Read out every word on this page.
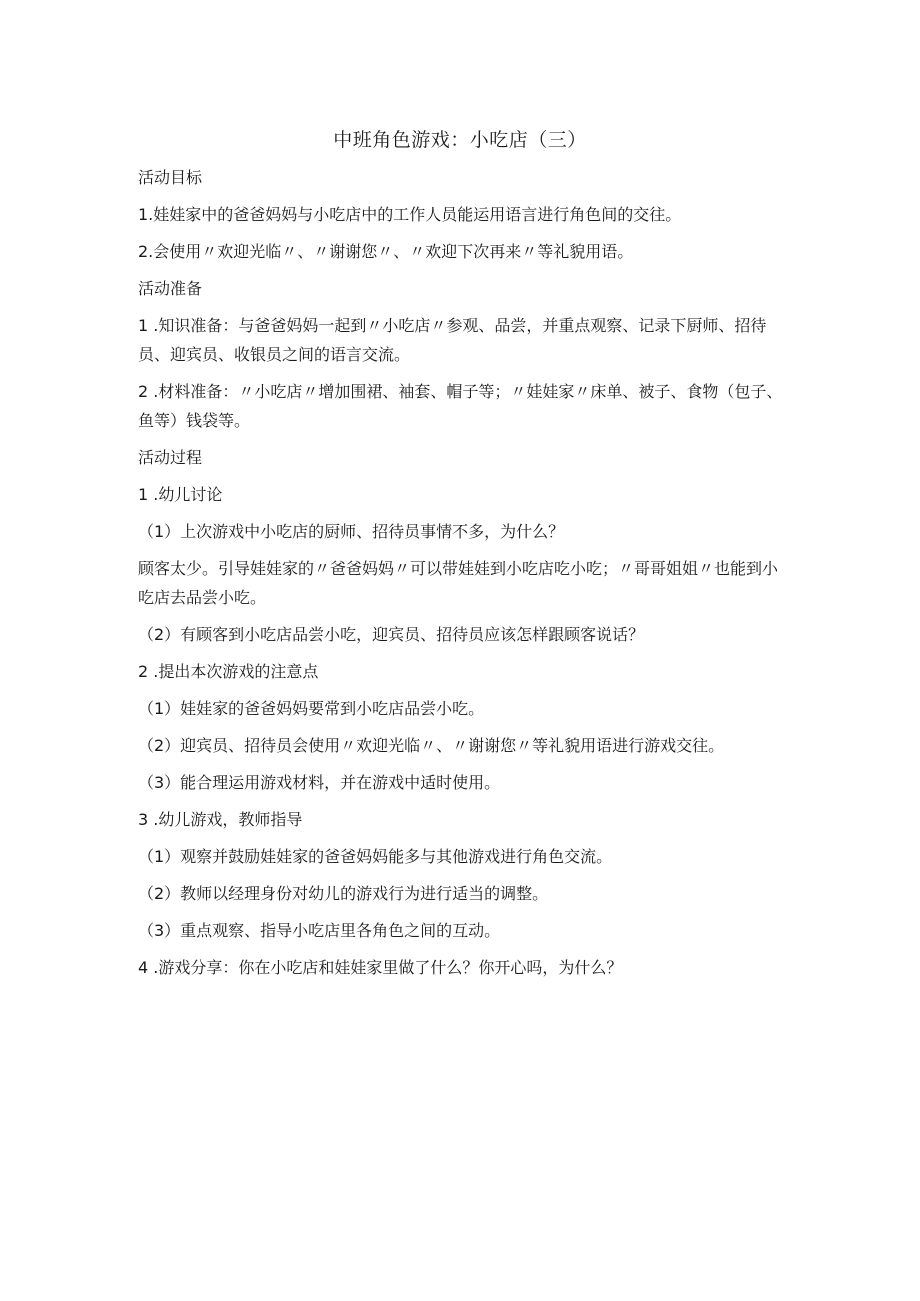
中班角色游戏：小吃店（三）

活动目标

1.娃娃家中的爸爸妈妈与小吃店中的工作人员能运用语言进行角色间的交往。

2.会使用〃欢迎光临〃、〃谢谢您〃、〃欢迎下次再来〃等礼貌用语。

活动准备

1 .知识准备：与爸爸妈妈一起到〃小吃店〃参观、品尝，并重点观察、记录下厨师、招待员、迎宾员、收银员之间的语言交流。

2 .材料准备：〃小吃店〃增加围裙、袖套、帽子等；〃娃娃家〃床单、被子、食物（包子、鱼等）钱袋等。

活动过程

1 .幼儿讨论

（1）上次游戏中小吃店的厨师、招待员事情不多，为什么？

顾客太少。引导娃娃家的〃爸爸妈妈〃可以带娃娃到小吃店吃小吃；〃哥哥姐姐〃也能到小吃店去品尝小吃。

（2）有顾客到小吃店品尝小吃，迎宾员、招待员应该怎样跟顾客说话？

2 .提出本次游戏的注意点

（1）娃娃家的爸爸妈妈要常到小吃店品尝小吃。

（2）迎宾员、招待员会使用〃欢迎光临〃、〃谢谢您〃等礼貌用语进行游戏交往。

（3）能合理运用游戏材料，并在游戏中适时使用。

3 .幼儿游戏，教师指导

（1）观察并鼓励娃娃家的爸爸妈妈能多与其他游戏进行角色交流。

（2）教师以经理身份对幼儿的游戏行为进行适当的调整。

（3）重点观察、指导小吃店里各角色之间的互动。

4 .游戏分享：你在小吃店和娃娃家里做了什么？你开心吗，为什么？
